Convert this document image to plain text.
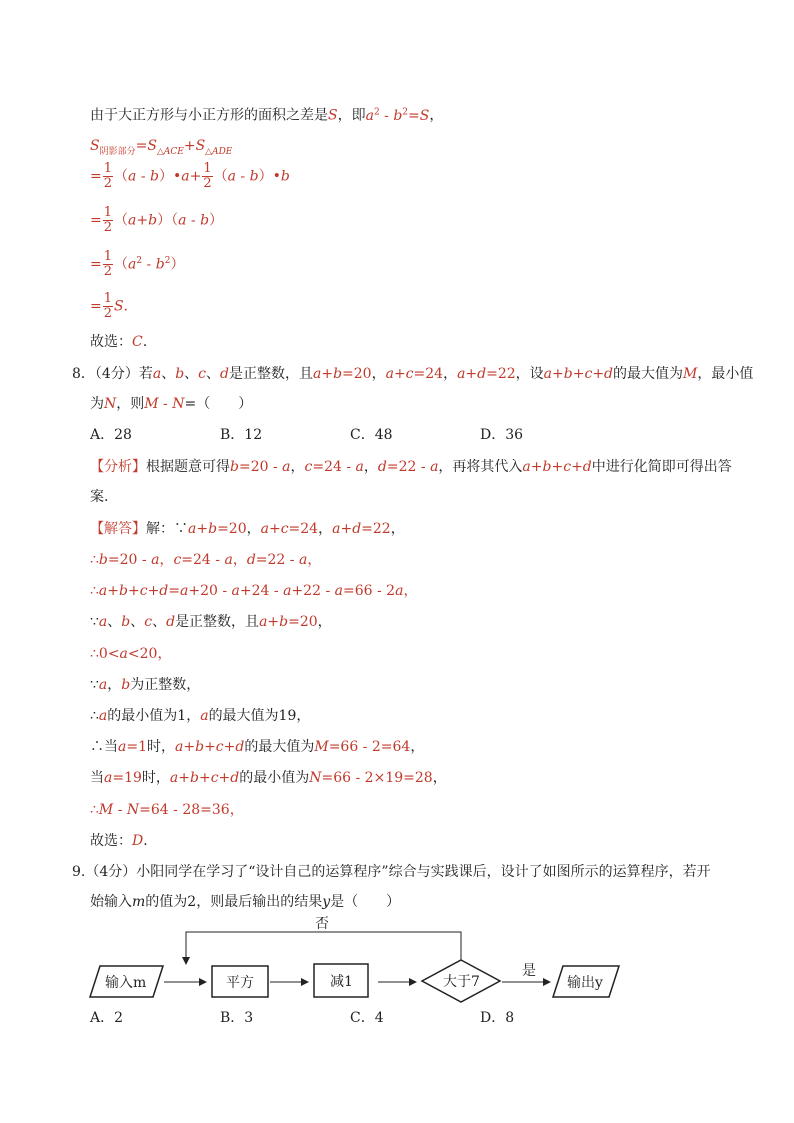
由于大正方形与小正方形的面积之差是S，即$a^2 - b^2=S$，
$S_{阴影部分}=S_{\triangle ACE}+S_{\triangle ADE}$
= $\frac{1}{2} (a$ - b）•a+ $\frac{1}{2} (a$ - b）•b
= $\frac{1}{2} (a+b)(a - b)$
= $\frac{1}{2} (a^2 - b^2)$
= $\frac{1}{2} S$.
故选：C.
8．（4分）若a、b、c、d是正整数，且a+b=20，a+c=24，a+d=22，设a+b+c+d的最大值为M，最小值
为N，则M - N=（　　）
A．28	B．12	C．48	D．36
【分析】根据题意可得b=20 - a，c=24 - a，d=22 - a，再将其代入a+b+c+d中进行化简即可得出答
案.
【解答】解：∵a+b=20，a+c=24，a+d=22，
∴b=20 - a，c=24 - a，d=22 - a，
∴a+b+c+d=a+20 - a+24 - a+22 - a=66 - 2a，
∵a、b、c、d是正整数，且a+b=20，
∴0<a<20，
∵a，b为正整数，
∴a的最小值为1，a的最大值为19，
∴当a=1时，a+b+c+d的最大值为M=66 - 2=64，
当a=19时，a+b+c+d的最小值为N=66 - 2×19=28，
∴M - N=64 - 28=36，
故选：D.
9.（4分）小阳同学在学习了“设计自己的运算程序”综合与实践课后，设计了如图所示的运算程序，若开
始输入m的值为2，则最后输出的结果y是（　　）
输入m	平方	减1	大于7
是
输出y
否
A．2	B．3	C．4	D．8
